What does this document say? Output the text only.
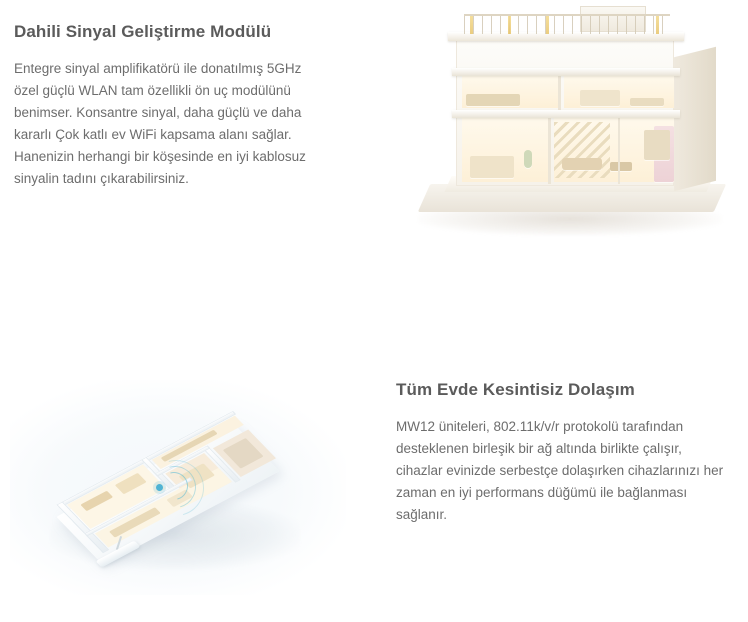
Dahili Sinyal Geliştirme Modülü

Entegre sinyal amplifikatörü ile donatılmış 5GHz özel güçlü WLAN tam özellikli ön uç modülünü benimser. Konsantre sinyal, daha güçlü ve daha kararlı Çok katlı ev WiFi kapsama alanı sağlar. Hanenizin herhangi bir köşesinde en iyi kablosuz sinyalin tadını çıkarabilirsiniz.

Tüm Evde Kesintisiz Dolaşım

MW12 üniteleri, 802.11k/v/r protokolü tarafından desteklenen birleşik bir ağ altında birlikte çalışır, cihazlar evinizde serbestçe dolaşırken cihazlarınızı her zaman en iyi performans düğümü ile bağlanması sağlanır.
